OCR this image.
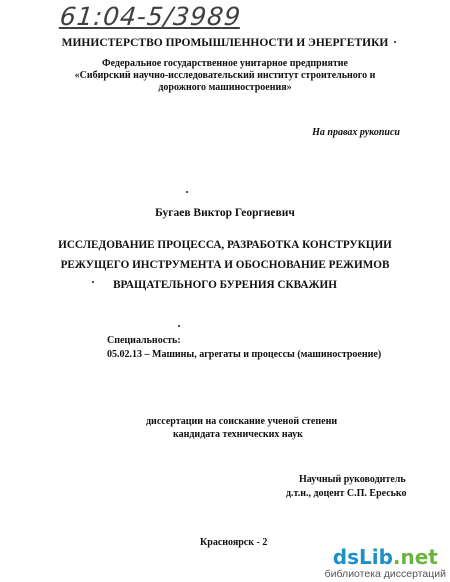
61:04-5/3989
МИНИСТЕРСТВО ПРОМЫШЛЕННОСТИ И ЭНЕРГЕТИКИ
Федеральное государственное унитарное предприятие
«Сибирский научно-исследовательский институт строительного и
дорожного машиностроения»
На правах рукописи
Бугаев Виктор Георгиевич
ИССЛЕДОВАНИЕ ПРОЦЕССА, РАЗРАБОТКА КОНСТРУКЦИИ
РЕЖУЩЕГО ИНСТРУМЕНТА И ОБОСНОВАНИЕ РЕЖИМОВ
ВРАЩАТЕЛЬНОГО БУРЕНИЯ СКВАЖИН
Специальность:
05.02.13 – Машины, агрегаты и процессы (машиностроение)
диссертации на соискание ученой степени
кандидата технических наук
Научный руководитель
д.т.н., доцент С.П. Ересько
Красноярск - 2
dsLib.net
библиотека диссертаций
